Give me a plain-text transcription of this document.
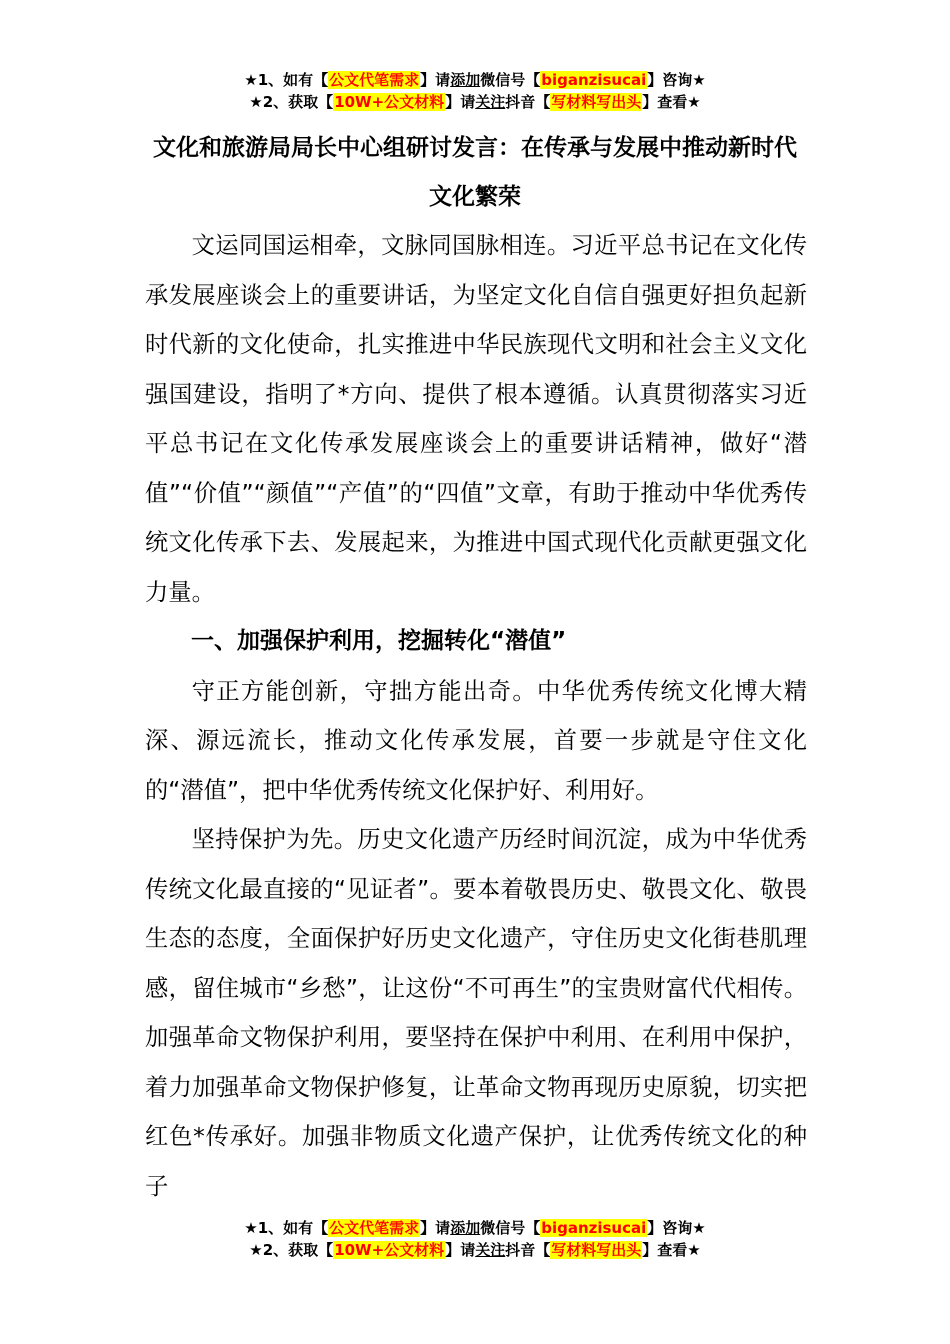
★1、如有【公文代笔需求】请添加微信号【biganzisucai】咨询★
★2、获取【10W+公文材料】请关注抖音【写材料写出头】查看★
文化和旅游局局长中心组研讨发言：在传承与发展中推动新时代文化繁荣

文运同国运相牵，文脉同国脉相连。习近平总书记在文化传承发展座谈会上的重要讲话，为坚定文化自信自强更好担负起新时代新的文化使命，扎实推进中华民族现代文明和社会主义文化强国建设，指明了*方向、提供了根本遵循。认真贯彻落实习近平总书记在文化传承发展座谈会上的重要讲话精神，做好“潜值”“价值”“颜值”“产值”的“四值”文章，有助于推动中华优秀传统文化传承下去、发展起来，为推进中国式现代化贡献更强文化力量。

一、加强保护利用，挖掘转化“潜值”

守正方能创新，守拙方能出奇。中华优秀传统文化博大精深、源远流长，推动文化传承发展，首要一步就是守住文化的“潜值”，把中华优秀传统文化保护好、利用好。

坚持保护为先。历史文化遗产历经时间沉淀，成为中华优秀传统文化最直接的“见证者”。要本着敬畏历史、敬畏文化、敬畏生态的态度，全面保护好历史文化遗产，守住历史文化街巷肌理感，留住城市“乡愁”，让这份“不可再生”的宝贵财富代代相传。加强革命文物保护利用，要坚持在保护中利用、在利用中保护，着力加强革命文物保护修复，让革命文物再现历史原貌，切实把红色*传承好。加强非物质文化遗产保护，让优秀传统文化的种子

★1、如有【公文代笔需求】请添加微信号【biganzisucai】咨询★
★2、获取【10W+公文材料】请关注抖音【写材料写出头】查看★
